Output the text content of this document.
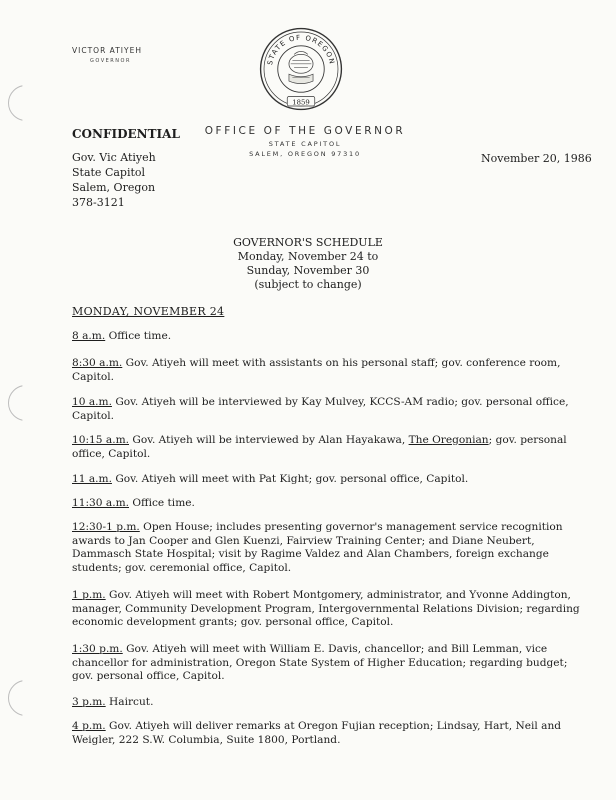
VICTOR ATIYEH
GOVERNOR	STATE OF OREGON
1859
OFFICE OF THE GOVERNOR
STATE CAPITOL
SALEM, OREGON 97310
CONFIDENTIAL
Gov. Vic Atiyeh
State Capitol
Salem, Oregon
378-3121
November 20, 1986
GOVERNOR'S SCHEDULE
Monday, November 24 to
Sunday, November 30
(subject to change)
MONDAY, NOVEMBER 24
8 a.m. Office time.
8:30 a.m. Gov. Atiyeh will meet with assistants on his personal staff; gov. conference room, Capitol.
10 a.m. Gov. Atiyeh will be interviewed by Kay Mulvey, KCCS-AM radio; gov. personal office, Capitol.
10:15 a.m. Gov. Atiyeh will be interviewed by Alan Hayakawa, The Oregonian; gov. personal office, Capitol.
11 a.m. Gov. Atiyeh will meet with Pat Kight; gov. personal office, Capitol.
11:30 a.m. Office time.
12:30-1 p.m. Open House; includes presenting governor's management service recognition awards to Jan Cooper and Glen Kuenzi, Fairview Training Center; and Diane Neubert, Dammasch State Hospital; visit by Ragime Valdez and Alan Chambers, foreign exchange students; gov. ceremonial office, Capitol.
1 p.m. Gov. Atiyeh will meet with Robert Montgomery, administrator, and Yvonne Addington, manager, Community Development Program, Intergovernmental Relations Division; regarding economic development grants; gov. personal office, Capitol.
1:30 p.m. Gov. Atiyeh will meet with William E. Davis, chancellor; and Bill Lemman, vice chancellor for administration, Oregon State System of Higher Education; regarding budget; gov. personal office, Capitol.
3 p.m. Haircut.
4 p.m. Gov. Atiyeh will deliver remarks at Oregon Fujian reception; Lindsay, Hart, Neil and Weigler, 222 S.W. Columbia, Suite 1800, Portland.
